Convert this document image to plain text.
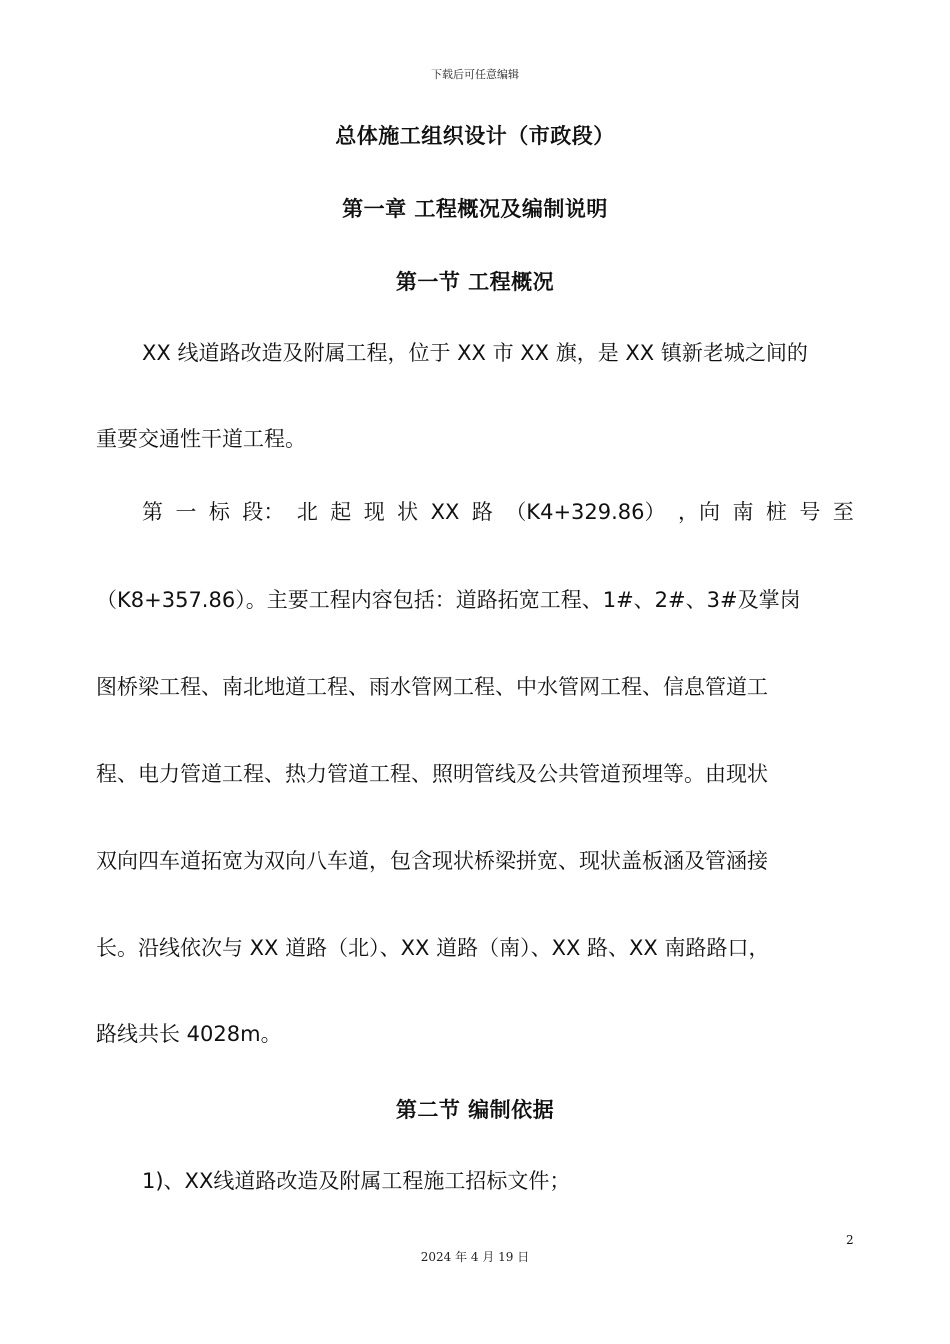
下载后可任意编辑
总体施工组织设计（市政段）
第一章 工程概况及编制说明
第一节 工程概况
XX 线道路改造及附属工程，位于 XX 市 XX 旗，是 XX 镇新老城之间的
重要交通性干道工程。
第 一 标 段： 北 起 现 状 XX 路 （K4+329.86） ，向 南 桩 号 至
（K8+357.86）。主要工程内容包括：道路拓宽工程、1#、2#、3#及掌岗
图桥梁工程、南北地道工程、雨水管网工程、中水管网工程、信息管道工
程、电力管道工程、热力管道工程、照明管线及公共管道预埋等。由现状
双向四车道拓宽为双向八车道，包含现状桥梁拼宽、现状盖板涵及管涵接
长。沿线依次与 XX 道路（北）、XX 道路（南）、XX 路、XX 南路路口，
路线共长 4028m。
第二节 编制依据
1)、XX线道路改造及附属工程施工招标文件；
2
2024 年 4 月 19 日
